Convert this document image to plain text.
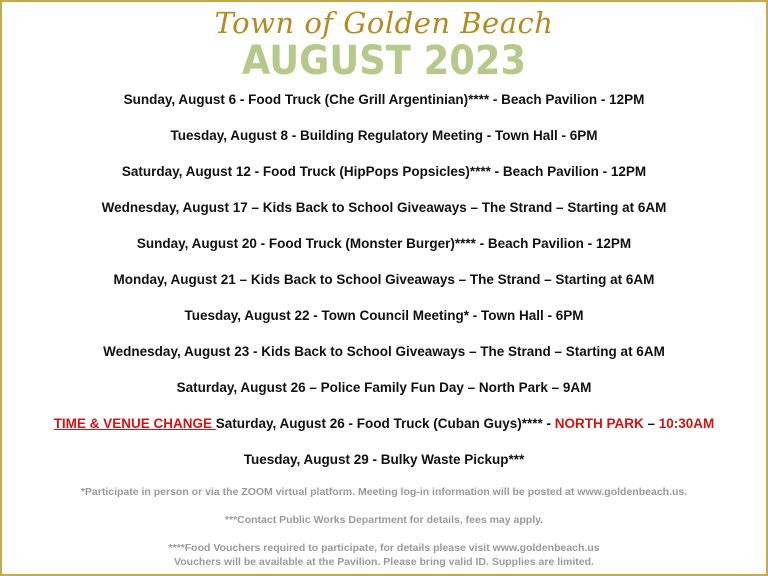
Town of Golden Beach
AUGUST 2023
Sunday, August 6 - Food Truck (Che Grill Argentinian)**** - Beach Pavilion - 12PM
Tuesday, August 8 - Building Regulatory Meeting - Town Hall - 6PM
Saturday, August 12 - Food Truck (HipPops Popsicles)**** - Beach Pavilion - 12PM
Wednesday, August 17 – Kids Back to School Giveaways – The Strand – Starting at 6AM
Sunday, August 20 - Food Truck (Monster Burger)**** - Beach Pavilion - 12PM
Monday, August 21 – Kids Back to School Giveaways – The Strand – Starting at 6AM
Tuesday, August 22 - Town Council Meeting* - Town Hall - 6PM
Wednesday, August 23 - Kids Back to School Giveaways – The Strand – Starting at 6AM
Saturday, August 26 – Police Family Fun Day – North Park – 9AM
TIME & VENUE CHANGE Saturday, August 26 - Food Truck (Cuban Guys)**** - NORTH PARK – 10:30AM
Tuesday, August 29 - Bulky Waste Pickup***
*Participate in person or via the ZOOM virtual platform. Meeting log-in information will be posted at www.goldenbeach.us.
***Contact Public Works Department for details, fees may apply.
****Food Vouchers required to participate, for details please visit www.goldenbeach.us
Vouchers will be available at the Pavilion. Please bring valid ID. Supplies are limited.
